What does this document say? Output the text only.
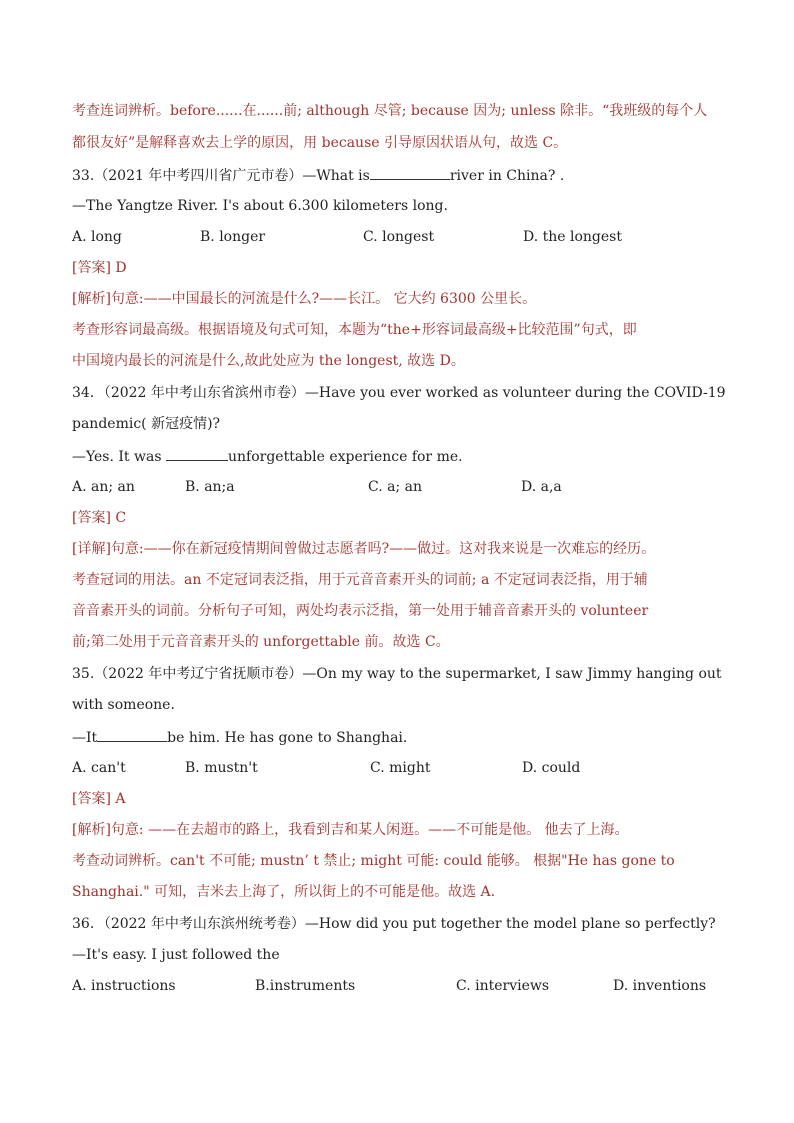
考查连词辨析。before......在......前; although 尽管; because 因为; unless 除非。“我班级的每个人
都很友好”是解释喜欢去上学的原因，用 because 引导原因状语从句，故选 C。
33.（2021 年中考四川省广元市卷）—What is	river in China? .
—The Yangtze River. I's about 6.300 kilometers long.
A. long	B. longer	C. longest	D. the longest
[答案] D
[解析]句意:——中国最长的河流是什么?——长江。 它大约 6300 公里长。
考查形容词最高级。根据语境及句式可知，本题为“the+形容词最高级+比较范围”句式，即
中国境内最长的河流是什么,故此处应为 the longest, 故选 D。
34．（2022 年中考山东省滨州市卷）—Have you ever worked as volunteer during the COVID-19
pandemic( 新冠疫情)?
—Yes. It was	unforgettable experience for me.
A. an; an	B. an;a	C. a; an	D. a,a
[答案] C
[详解]句意:——你在新冠疫情期间曾做过志愿者吗?——做过。这对我来说是一次难忘的经历。
考查冠词的用法。an 不定冠词表泛指，用于元音音素开头的词前; a 不定冠词表泛指，用于辅
音音素开头的词前。分析句子可知，两处均表示泛指，第一处用于辅音音素开头的 volunteer
前;第二处用于元音音素开头的 unforgettable 前。故选 C。
35.（2022 年中考辽宁省抚顺市卷）—On my way to the supermarket, I saw Jimmy hanging out
with someone.
—It	be him. He has gone to Shanghai.
A. can't	B. mustn't	C. might	D. could
[答案] A
[解析]句意: ——在去超市的路上，我看到吉和某人闲逛。——不可能是他。 他去了上海。
考查动词辨析。can't 不可能; mustn’ t 禁止; might 可能: could 能够。 根据"He has gone to
Shanghai." 可知，吉米去上海了，所以街上的不可能是他。故选 A.
36．（2022 年中考山东滨州统考卷）—How did you put together the model plane so perfectly?
—It's easy. I just followed the
A. instructions	B.instruments	C. interviews	D. inventions
